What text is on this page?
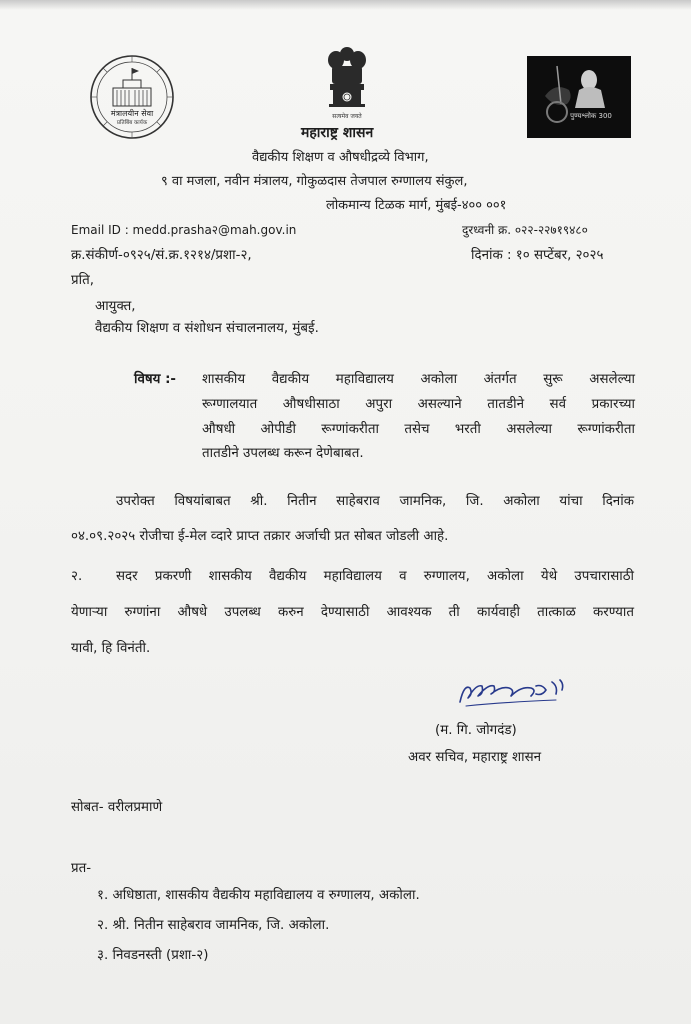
मंत्रालयीन सेवा
प्रतिबिंब कार्यक
सत्यमेव जयते	पुण्यश्लोक 300
महाराष्ट्र शासन
वैद्यकीय शिक्षण व औषधीद्रव्ये विभाग,
९ वा मजला, नवीन मंत्रालय, गोकुळदास तेजपाल रुग्णालय संकुल,
लोकमान्य टिळक मार्ग, मुंबई-४०० ००१
Email ID : medd.prasha२@mah.gov.in	दुरध्वनी क्र. ०२२-२२७१९४८०
क्र.संकीर्ण-०९२५/सं.क्र.१२१४/प्रशा-२,	दिनांक : १० सप्टेंबर, २०२५
प्रति,
आयुक्त,
वैद्यकीय शिक्षण व संशोधन संचालनालय, मुंबई.
विषय :- शासकीय वैद्यकीय महाविद्यालय अकोला अंतर्गत सुरू असलेल्या
रूग्णालयात औषधीसाठा अपुरा असल्याने तातडीने सर्व प्रकारच्या
औषधी ओपीडी रूग्णांकरीता तसेच भरती असलेल्या रूग्णांकरीता
तातडीने उपलब्ध करून देणेबाबत.
उपरोक्त विषयांबाबत श्री. नितीन साहेबराव जामनिक, जि. अकोला यांचा दिनांक
०४.०९.२०२५ रोजीचा ई-मेल व्दारे प्राप्त तक्रार अर्जाची प्रत सोबत जोडली आहे.
२.	सदर प्रकरणी शासकीय वैद्यकीय महाविद्यालय व रुग्णालय, अकोला येथे उपचारासाठी
येणाऱ्या रुग्णांना औषधे उपलब्ध करुन देण्यासाठी आवश्यक ती कार्यवाही तात्काळ करण्यात
यावी, हि विनंती.
(म. गि. जोगदंड)
अवर सचिव, महाराष्ट्र शासन
सोबत- वरीलप्रमाणे
प्रत-
१. अधिष्ठाता, शासकीय वैद्यकीय महाविद्यालय व रुग्णालय, अकोला.
२. श्री. नितीन साहेबराव जामनिक, जि. अकोला.
३. निवडनस्ती (प्रशा-२)
